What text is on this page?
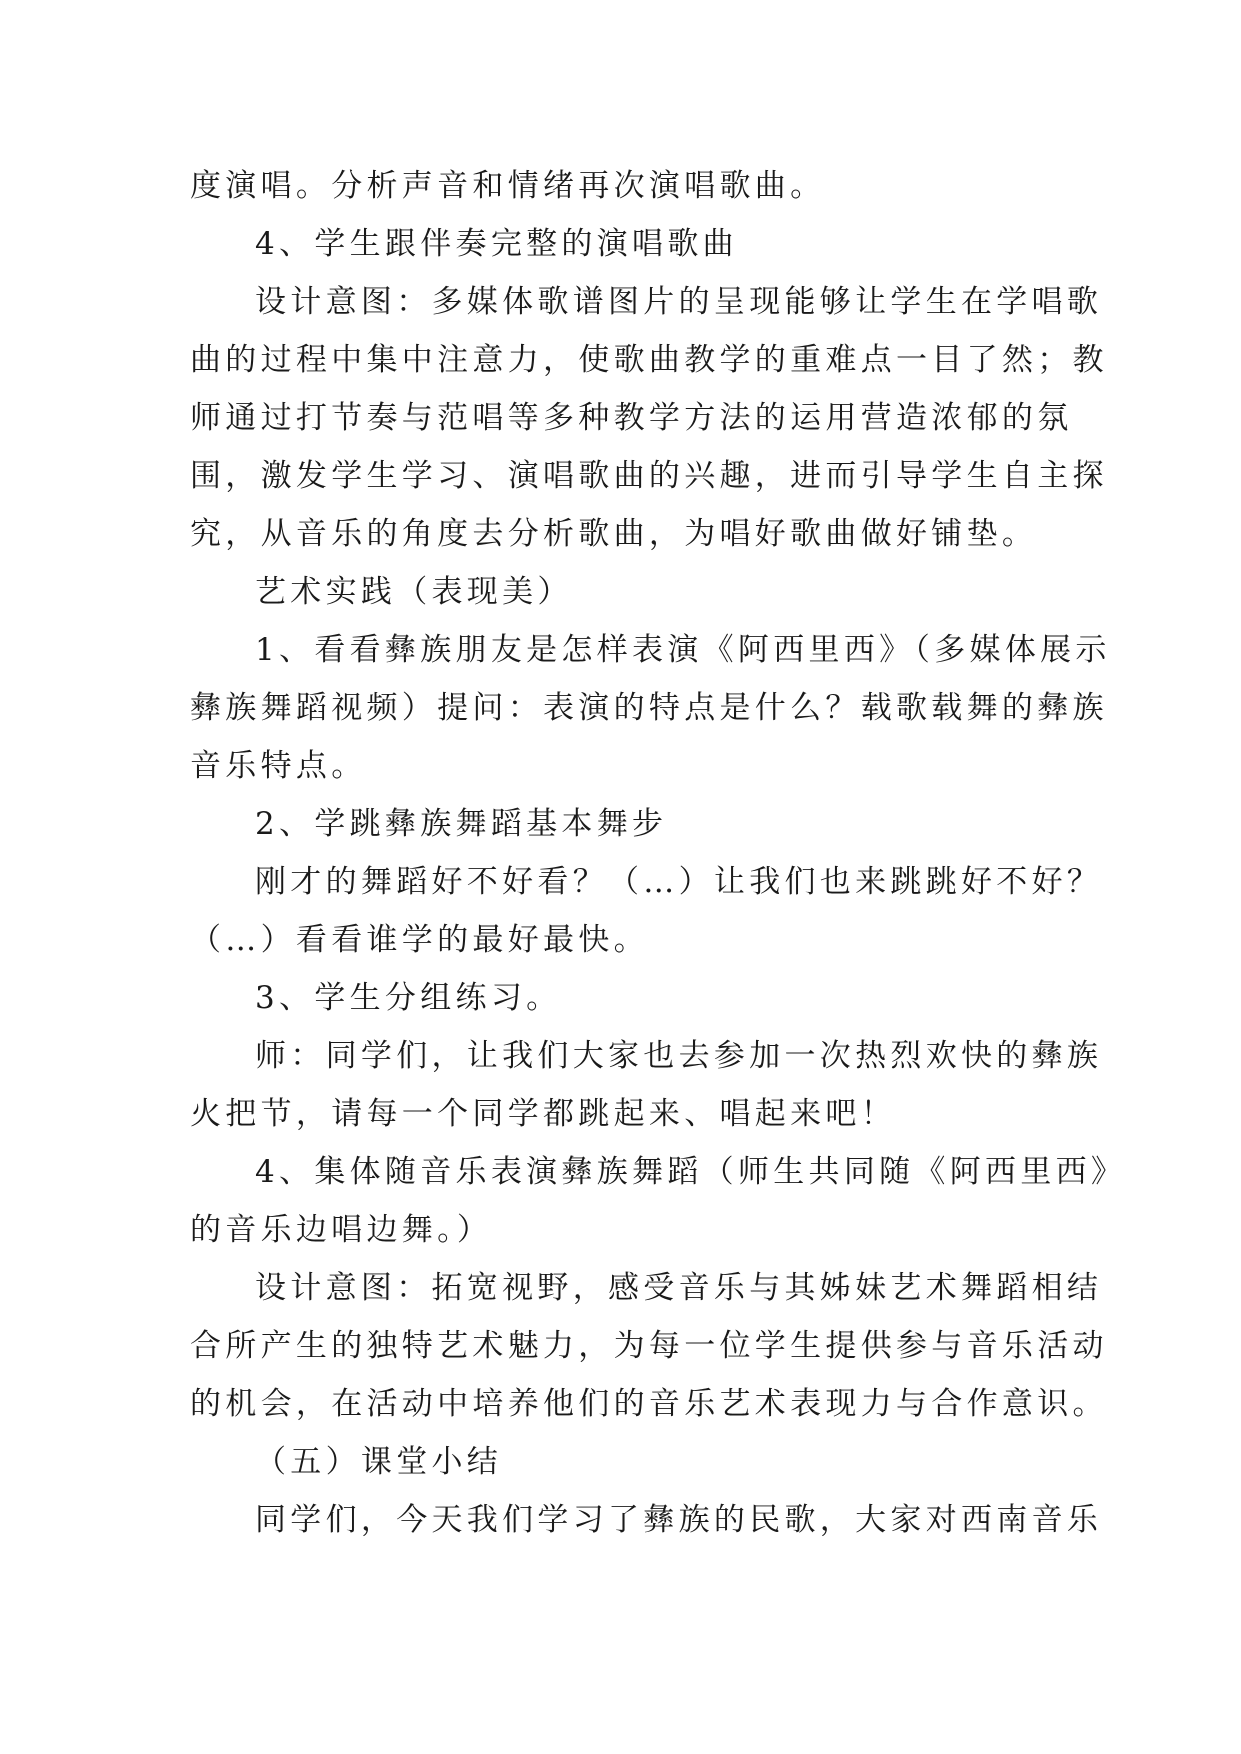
度演唱。分析声音和情绪再次演唱歌曲。
4、学生跟伴奏完整的演唱歌曲
设计意图：多媒体歌谱图片的呈现能够让学生在学唱歌
曲的过程中集中注意力，使歌曲教学的重难点一目了然；教
师通过打节奏与范唱等多种教学方法的运用营造浓郁的氛
围，激发学生学习、演唱歌曲的兴趣，进而引导学生自主探
究，从音乐的角度去分析歌曲，为唱好歌曲做好铺垫。
艺术实践（表现美）
1、看看彝族朋友是怎样表演《阿西里西》（多媒体展示
彝族舞蹈视频）提问：表演的特点是什么？载歌载舞的彝族
音乐特点。
2、学跳彝族舞蹈基本舞步
刚才的舞蹈好不好看？（…）让我们也来跳跳好不好？
（…）看看谁学的最好最快。
3、学生分组练习。
师：同学们，让我们大家也去参加一次热烈欢快的彝族
火把节，请每一个同学都跳起来、唱起来吧！
4、集体随音乐表演彝族舞蹈（师生共同随《阿西里西》
的音乐边唱边舞。）
设计意图：拓宽视野，感受音乐与其姊妹艺术舞蹈相结
合所产生的独特艺术魅力，为每一位学生提供参与音乐活动
的机会，在活动中培养他们的音乐艺术表现力与合作意识。
（五）课堂小结
同学们，今天我们学习了彝族的民歌，大家对西南音乐
